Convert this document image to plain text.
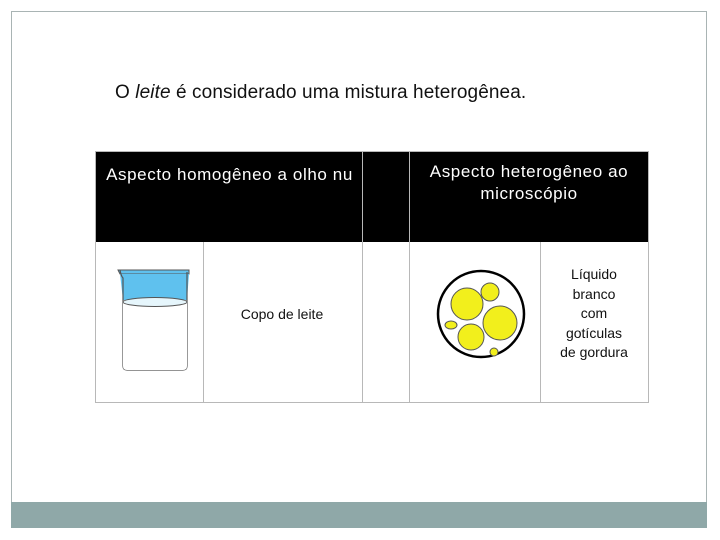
O leite é considerado uma mistura heterogênea.
Aspecto homogêneo a olho nu	Aspecto heterogêneo ao microscópio
Copo de leite
Líquido
branco
com
gotículas
de gordura
